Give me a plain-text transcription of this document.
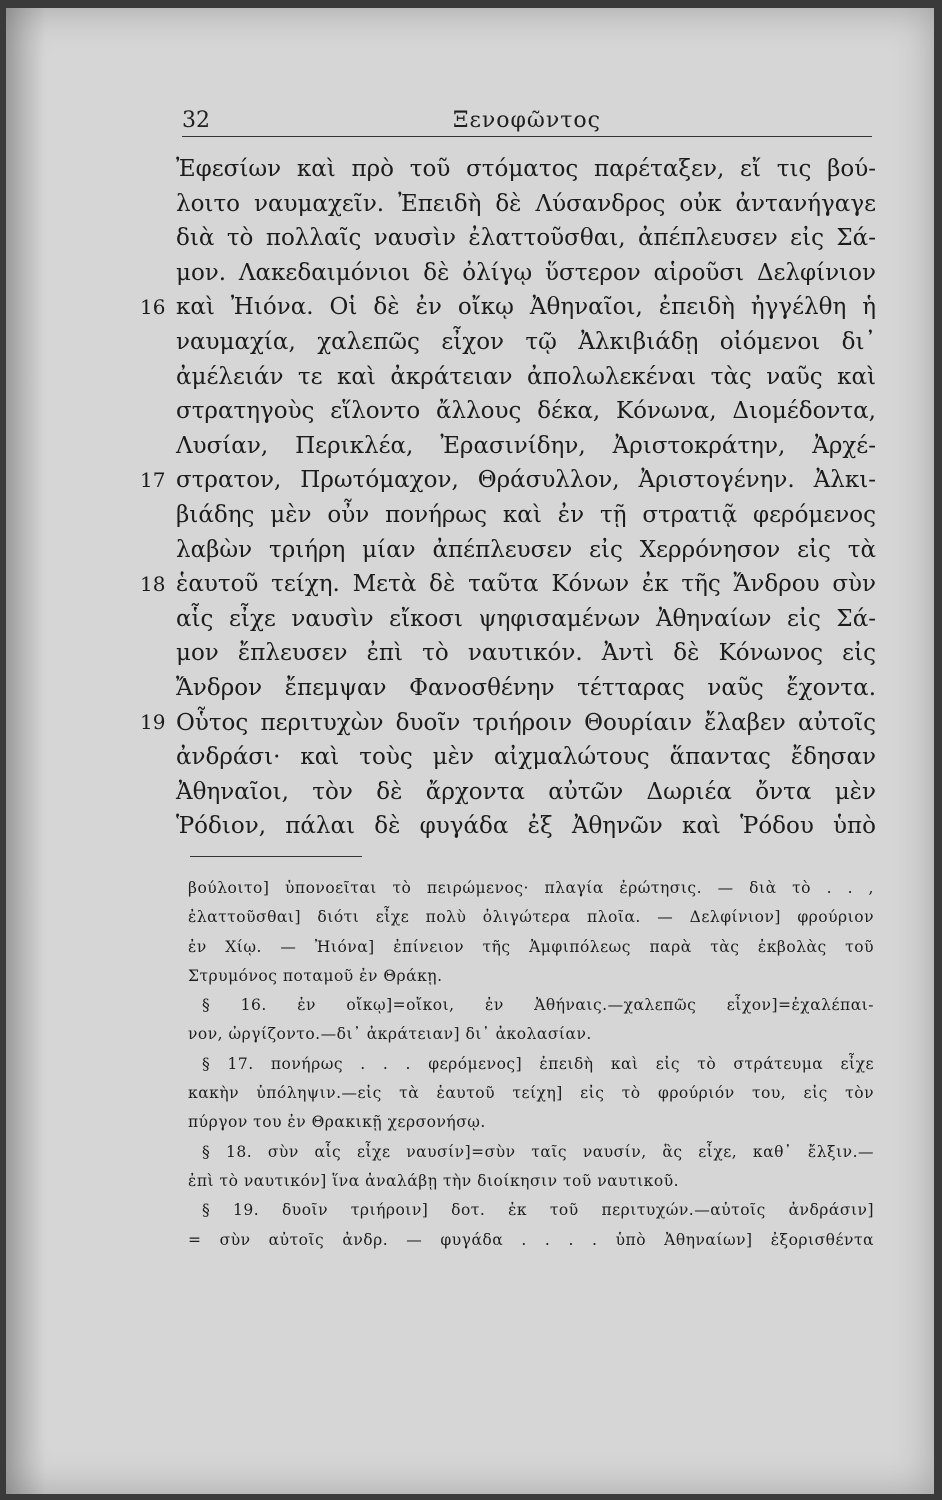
32	Ξενοφῶντος
16
17
18
19
Ἐφεσίων καὶ πρὸ τοῦ στόματος παρέταξεν, εἴ τις βού-
λοιτο ναυμαχεῖν. Ἐπειδὴ δὲ Λύσανδρος οὐκ ἀντανήγαγε
διὰ τὸ πολλαῖς ναυσὶν ἐλαττοῦσθαι, ἀπέπλευσεν εἰς Σά-
μον. Λακεδαιμόνιοι δὲ ὀλίγῳ ὕστερον αἱροῦσι Δελφίνιον
καὶ Ἠιόνα. Οἱ δὲ ἐν οἴκῳ Ἀθηναῖοι, ἐπειδὴ ἠγγέλθη ἡ
ναυμαχία, χαλεπῶς εἶχον τῷ Ἀλκιβιάδῃ οἰόμενοι δι᾽
ἀμέλειάν τε καὶ ἀκράτειαν ἀπολωλεκέναι τὰς ναῦς καὶ
στρατηγοὺς εἵλοντο ἄλλους δέκα, Κόνωνα, Διομέδοντα,
Λυσίαν, Περικλέα, Ἐρασινίδην, Ἀριστοκράτην, Ἀρχέ-
στρατον, Πρωτόμαχον, Θράσυλλον, Ἀριστογένην. Ἀλκι-
βιάδης μὲν οὖν πονήρως καὶ ἐν τῇ στρατιᾷ φερόμενος
λαβὼν τριήρη μίαν ἀπέπλευσεν εἰς Χερρόνησον εἰς τὰ
ἑαυτοῦ τείχη. Μετὰ δὲ ταῦτα Κόνων ἐκ τῆς Ἄνδρου σὺν
αἷς εἶχε ναυσὶν εἴκοσι ψηφισαμένων Ἀθηναίων εἰς Σά-
μον ἔπλευσεν ἐπὶ τὸ ναυτικόν. Ἀντὶ δὲ Κόνωνος εἰς
Ἄνδρον ἔπεμψαν Φανοσθένην τέτταρας ναῦς ἔχοντα.
Οὗτος περιτυχὼν δυοῖν τριήροιν Θουρίαιν ἔλαβεν αὐτοῖς
ἀνδράσι· καὶ τοὺς μὲν αἰχμαλώτους ἅπαντας ἔδησαν
Ἀθηναῖοι, τὸν δὲ ἄρχοντα αὐτῶν Δωριέα ὄντα μὲν
Ῥόδιον, πάλαι δὲ φυγάδα ἐξ Ἀθηνῶν καὶ Ῥόδου ὑπὸ
βούλοιτο] ὑπονοεῖται τὸ πειρώμενος· πλαγία ἐρώτησις. — διὰ τὸ . . ,
ἐλαττοῦσθαι] διότι εἶχε πολὺ ὀλιγώτερα πλοῖα. — Δελφίνιον] φρούριον
ἐν Χίῳ. — Ἠιόνα] ἐπίνειον τῆς Ἀμφιπόλεως παρὰ τὰς ἐκβολὰς τοῦ
Στρυμόνος ποταμοῦ ἐν Θράκῃ.
§ 16. ἐν οἴκῳ]=οἴκοι, ἐν Ἀθήναις.—χαλεπῶς εἶχον]=ἐχαλέπαι-
νον, ὠργίζοντο.—δι᾽ ἀκράτειαν] δι᾽ ἀκολασίαν.
§ 17. πονήρως . . . φερόμενος] ἐπειδὴ καὶ εἰς τὸ στράτευμα εἶχε
κακὴν ὑπόληψιν.—εἰς τὰ ἑαυτοῦ τείχη] εἰς τὸ φρούριόν του, εἰς τὸν
πύργον του ἐν Θρακικῇ χερσονήσῳ.
§ 18. σὺν αἷς εἶχε ναυσίν]=σὺν ταῖς ναυσίν, ἃς εἶχε, καθ᾽ ἔλξιν.—
ἐπὶ τὸ ναυτικόν] ἵνα ἀναλάβῃ τὴν διοίκησιν τοῦ ναυτικοῦ.
§ 19. δυοῖν τριήροιν] δοτ. ἐκ τοῦ περιτυχών.—αὐτοῖς ἀνδράσιν]
= σὺν αὐτοῖς ἀνδρ. — φυγάδα . . . . ὑπὸ Ἀθηναίων] ἐξορισθέντα
